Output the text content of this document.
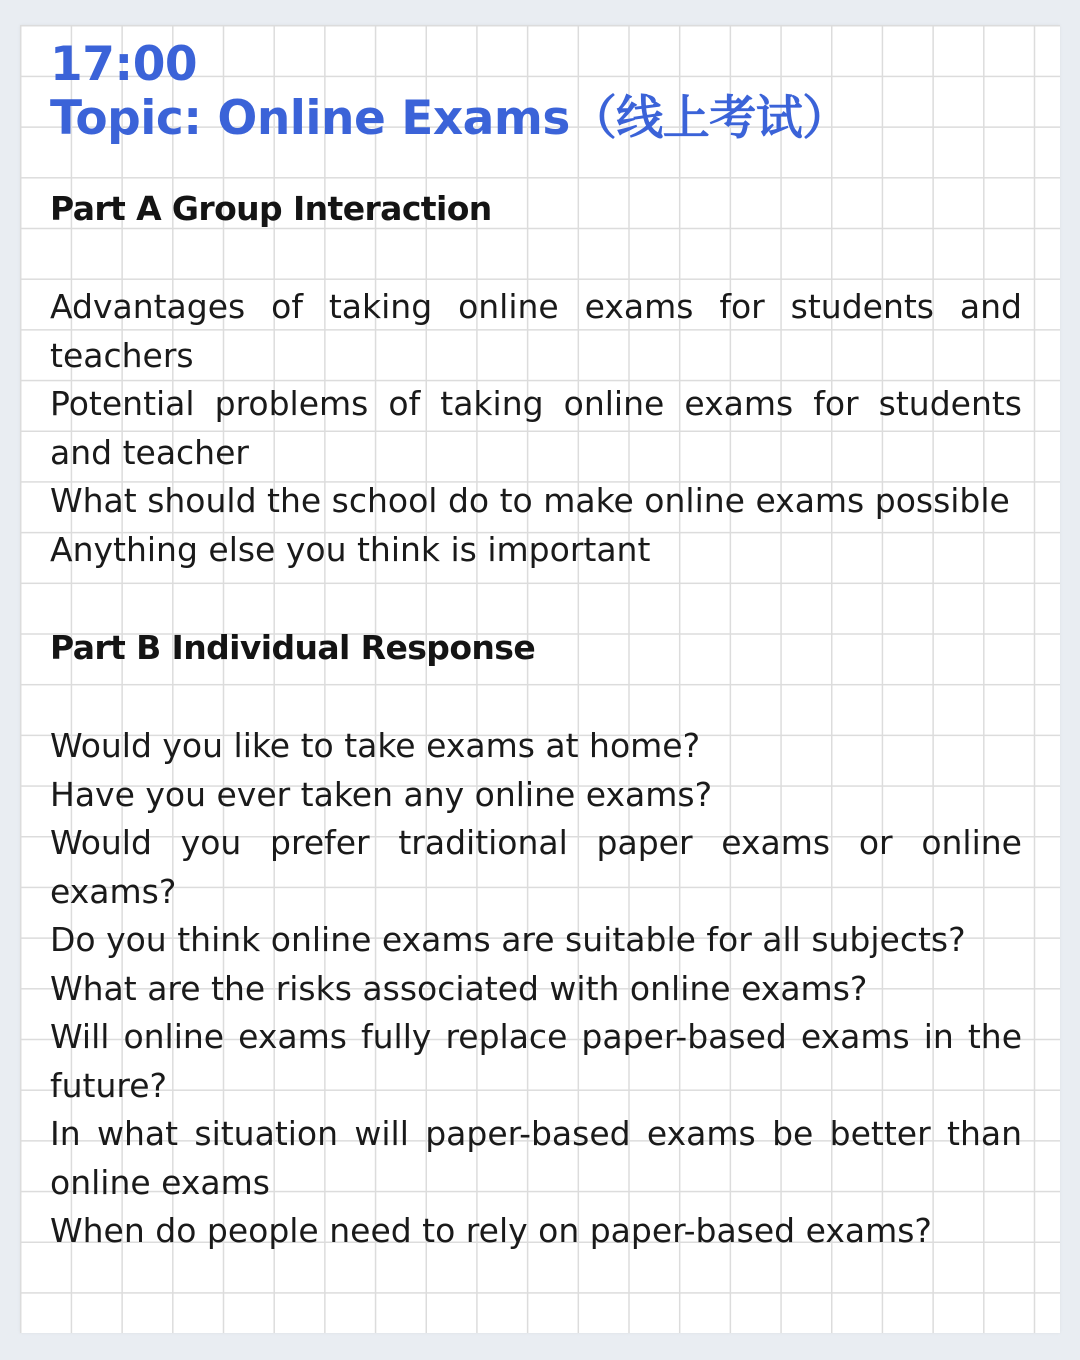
17:00
Topic: Online Exams（线上考试）
Part A Group Interaction
Advantages of taking online exams for students and teachers
Potential problems of taking online exams for students and teacher
What should the school do to make online exams possible
Anything else you think is important
Part B Individual Response
Would you like to take exams at home?
Have you ever taken any online exams?
Would you prefer traditional paper exams or online exams?
Do you think online exams are suitable for all subjects?
What are the risks associated with online exams?
Will online exams fully replace paper-based exams in the future?
In what situation will paper-based exams be better than online exams
When do people need to rely on paper-based exams?
